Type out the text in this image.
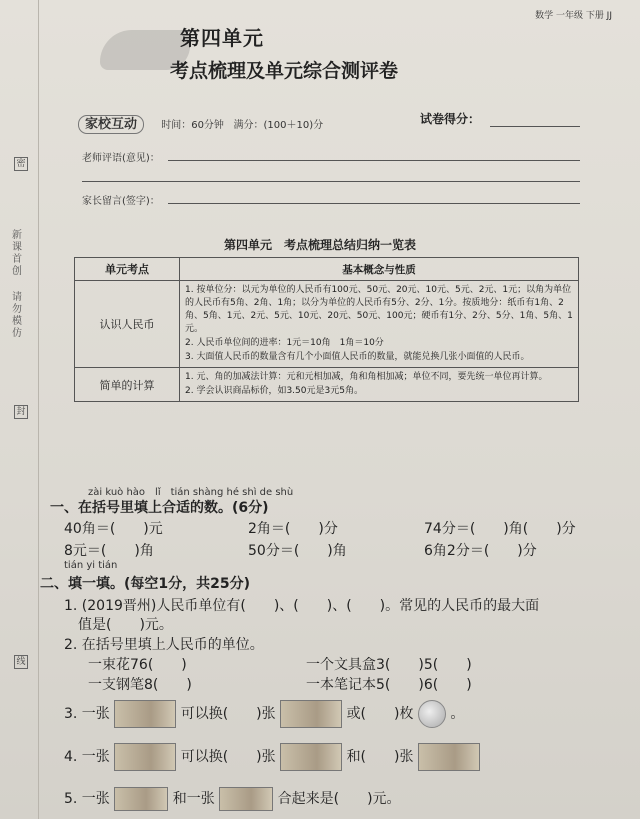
密
新课首创
请勿模仿
封
线
数学 一年级 下册 JJ
第四单元
考点梳理及单元综合测评卷
家校互动 时间：60分钟 满分：(100＋10)分	试卷得分：
老师评语(意见)：
家长留言(签字)：
第四单元　考点梳理总结归纳一览表
单元考点	基本概念与性质
认识人民币	1. 按单位分：以元为单位的人民币有100元、50元、20元、10元、5元、2元、1元；以角为单位的人民币有5角、2角、1角；以分为单位的人民币有5分、2分、1分。按质地分：纸币有1角、2角、5角、1元、2元、5元、10元、20元、50元、100元；硬币有1分、2分、5分、1角、5角、1元。

2. 人民币单位间的进率：1元＝10角　1角＝10分

3. 大面值人民币的数量含有几个小面值人民币的数量，就能兑换几张小面值的人民币。

简单的计算	1. 元、角的加减法计算：元和元相加减，角和角相加减；单位不同，要先统一单位再计算。

2. 学会认识商品标价，如3.50元是3元5角。

zài kuò hào　lǐ　tián shàng hé shì de shù
一、在括号里填上合适的数。(6分)
40角＝(　　)元	2角＝(　　)分	74分＝(　　)角(　　)分
8元＝(　　)角	50分＝(　　)角	6角2分＝(　　)分
tián yi tián
二、填一填。(每空1分，共25分)
1. (2019晋州)人民币单位有(　　)、(　　)、(　　)。常见的人民币的最大面
值是(　　)元。
2. 在括号里填上人民币的单位。
一束花76(　　)	一个文具盒3(　　)5(　　)
一支钢笔8(　　)	一本笔记本5(　　)6(　　)
3. 一张	可以换(　　)张	或(　　)枚	。
4. 一张	可以换(　　)张	和(　　)张
5. 一张	和一张	合起来是(　　)元。
